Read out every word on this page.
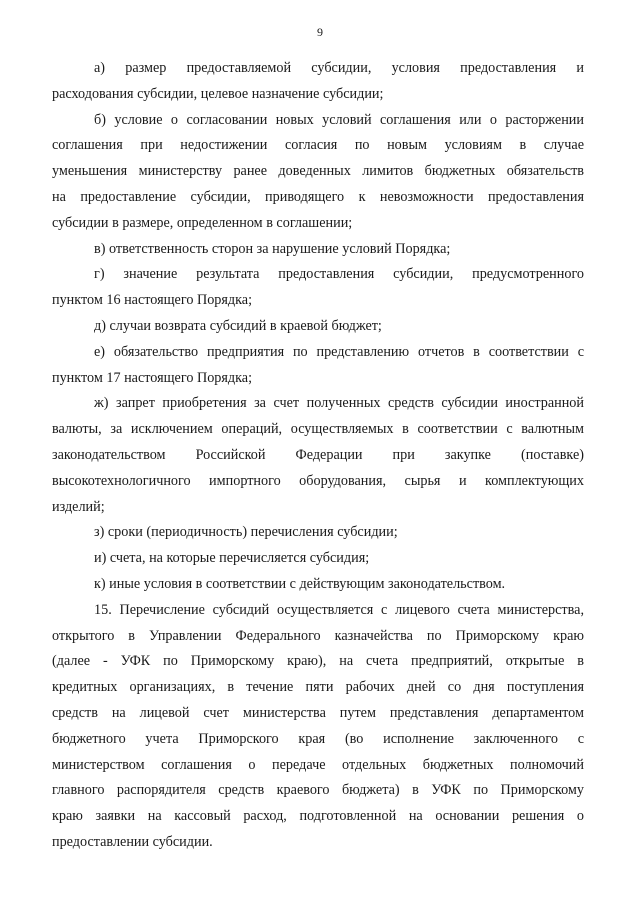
9
а) размер предоставляемой субсидии, условия предоставления и
расходования субсидии, целевое назначение субсидии;
б) условие о согласовании новых условий соглашения или о расторжении
соглашения при недостижении согласия по новым условиям в случае
уменьшения министерству ранее доведенных лимитов бюджетных обязательств
на предоставление субсидии, приводящего к невозможности предоставления
субсидии в размере, определенном в соглашении;
в) ответственность сторон за нарушение условий Порядка;
г) значение результата предоставления субсидии, предусмотренного
пунктом 16 настоящего Порядка;
д) случаи возврата субсидий в краевой бюджет;
е) обязательство предприятия по представлению отчетов в соответствии с
пунктом 17 настоящего Порядка;
ж) запрет приобретения за счет полученных средств субсидии иностранной
валюты, за исключением операций, осуществляемых в соответствии с валютным
законодательством Российской Федерации при закупке (поставке)
высокотехнологичного импортного оборудования, сырья и комплектующих
изделий;
з) сроки (периодичность) перечисления субсидии;
и) счета, на которые перечисляется субсидия;
к) иные условия в соответствии с действующим законодательством.
15. Перечисление субсидий осуществляется с лицевого счета министерства,
открытого в Управлении Федерального казначейства по Приморскому краю
(далее - УФК по Приморскому краю), на счета предприятий, открытые в
кредитных организациях, в течение пяти рабочих дней со дня поступления
средств на лицевой счет министерства путем представления департаментом
бюджетного учета Приморского края (во исполнение заключенного с
министерством соглашения о передаче отдельных бюджетных полномочий
главного распорядителя средств краевого бюджета) в УФК по Приморскому
краю заявки на кассовый расход, подготовленной на основании решения о
предоставлении субсидии.
